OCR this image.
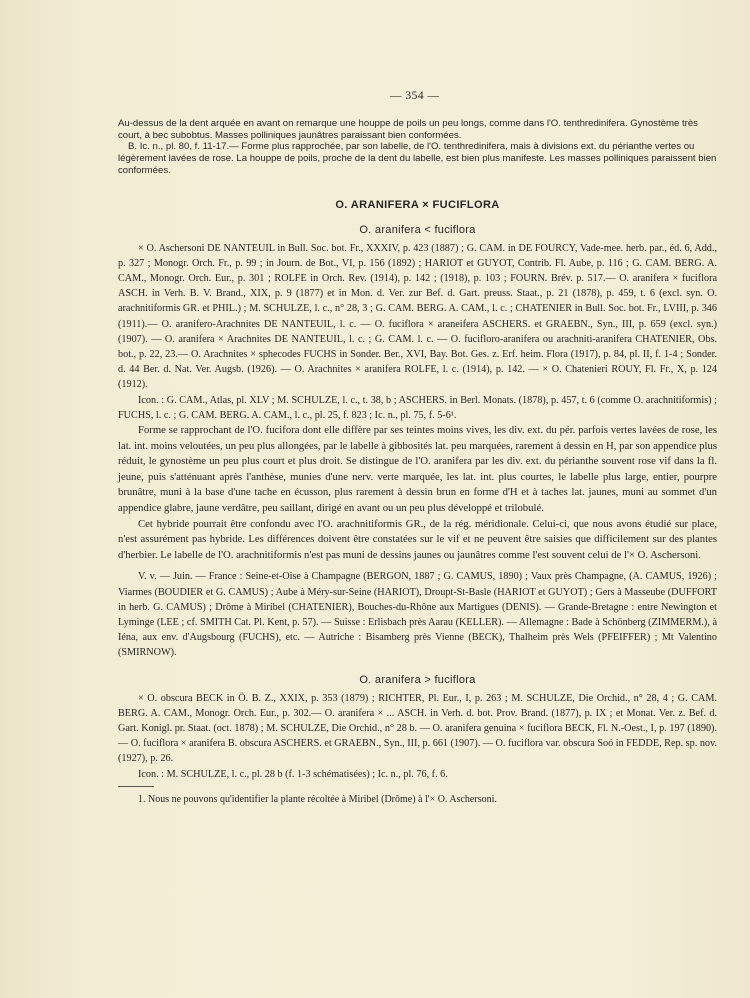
— 354 —

Au-dessus de la dent arquée en avant on remarque une houppe de poils un peu longs, comme dans l'O. tenthredinifera. Gynostème très court, à bec subobtus. Masses polliniques jaunâtres paraissant bien conformées.

B. Ic. n., pl. 80, f. 11-17.— Forme plus rapprochée, par son labelle, de l'O. tenthredinifera, mais à divisions ext. du périanthe vertes ou légèrement lavées de rose. La houppe de poils, proche de la dent du labelle, est bien plus manifeste. Les masses polliniques paraissent bien conformées.

O. ARANIFERA × FUCIFLORA
O. aranifera < fuciflora

× O. Aschersoni DE NANTEUIL in Bull. Soc. bot. Fr., XXXIV, p. 423 (1887) ; G. CAM. in DE FOURCY, Vade-mee. herb. par., éd. 6, Add., p. 327 ; Monogr. Orch. Fr., p. 99 ; in Journ. de Bot., VI, p. 156 (1892) ; HARIOT et GUYOT, Contrib. Fl. Aube, p. 116 ; G. CAM. BERG. A. CAM., Monogr. Orch. Eur., p. 301 ; ROLFE in Orch. Rev. (1914), p. 142 ; (1918), p. 103 ; FOURN. Brév. p. 517.— O. aranifera × fuciflora ASCH. in Verh. B. V. Brand., XIX, p. 9 (1877) et in Mon. d. Ver. zur Bef. d. Gart. preuss. Staat., p. 21 (1878), p. 459, t. 6 (excl. syn. O. arachnitiformis GR. et PHIL.) ; M. SCHULZE, l. c., n° 28, 3 ; G. CAM. BERG. A. CAM., l. c. ; CHATENIER in Bull. Soc. bot. Fr., LVIII, p. 346 (1911).— O. aranifero-Arachnites DE NANTEUIL, l. c. — O. fuciflora × araneifera ASCHERS. et GRAEBN., Syn., III, p. 659 (excl. syn.) (1907). — O. aranifera × Arachnites DE NANTEUIL, l. c. ; G. CAM. l. c. — O. fucifloro-aranifera ou arachniti-aranifera CHATENIER, Obs. bot., p. 22, 23.— O. Arachnites × sphecodes FUCHS in Sonder. Ber., XVI, Bay. Bot. Ges. z. Erf. heim. Flora (1917), p. 84, pl. II, f. 1-4 ; Sonder. d. 44 Ber. d. Nat. Ver. Augsb. (1926). — O. Arachnites × aranifera ROLFE, l. c. (1914), p. 142. — × O. Chatenieri ROUY, Fl. Fr., X, p. 124 (1912).

Icon. : G. CAM., Atlas, pl. XLV ; M. SCHULZE, l. c., t. 38, b ; ASCHERS. in Berl. Monats. (1878), p. 457, t. 6 (comme O. arachnitiformis) ; FUCHS, l. c. ; G. CAM. BERG. A. CAM., l. c., pl. 25, f. 823 ; Ic. n., pl. 75, f. 5-6¹.

Forme se rapprochant de l'O. fucifora dont elle diffère par ses teintes moins vives, les div. ext. du pér. parfois vertes lavées de rose, les lat. int. moins veloutées, un peu plus allongées, par le labelle à gibbosités lat. peu marquées, rarement à dessin en H, par son appendice plus réduit, le gynostème un peu plus court et plus droit. Se distingue de l'O. aranifera par les div. ext. du périanthe souvent rose vif dans la fl. jeune, puis s'atténuant après l'anthèse, munies d'une nerv. verte marquée, les lat. int. plus courtes, le labelle plus large, entier, pourpre brunâtre, muni à la base d'une tache en écusson, plus rarement à dessin brun en forme d'H et à taches lat. jaunes, muni au sommet d'un appendice glabre, jaune verdâtre, peu saillant, dirigé en avant ou un peu plus développé et trilobulé.

Cet hybride pourrait être confondu avec l'O. arachnitiformis GR., de la rég. méridionale. Celui-ci, que nous avons étudié sur place, n'est assurément pas hybride. Les différences doivent être constatées sur le vif et ne peuvent être saisies que difficilement sur des plantes d'herbier. Le labelle de l'O. arachnitiformis n'est pas muni de dessins jaunes ou jaunâtres comme l'est souvent celui de l'× O. Aschersoni.

V. v. — Juin. — France : Seine-et-Oise à Champagne (BERGON, 1887 ; G. CAMUS, 1890) ; Vaux près Champagne, (A. CAMUS, 1926) ; Viarmes (BOUDIER et G. CAMUS) ; Aube à Méry-sur-Seine (HARIOT), Droupt-St-Basle (HARIOT et GUYOT) ; Gers à Masseube (DUFFORT in herb. G. CAMUS) ; Drôme à Miribel (CHATENIER), Bouches-du-Rhône aux Martigues (DENIS). — Grande-Bretagne : entre Newington et Lyminge (LEE ; cf. SMITH Cat. Pl. Kent, p. 57). — Suisse : Erlisbach près Aarau (KELLER). — Allemagne : Bade à Schönberg (ZIMMERM.), à Iéna, aux env. d'Augsbourg (FUCHS), etc. — Autriche : Bisamberg près Vienne (BECK), Thalheim près Wels (PFEIFFER) ; Mt Valentino (SMIRNOW).

O. aranifera > fuciflora

× O. obscura BECK in Ö. B. Z., XXIX, p. 353 (1879) ; RICHTER, Pl. Eur., I, p. 263 ; M. SCHULZE, Die Orchid., n° 28, 4 ; G. CAM. BERG. A. CAM., Monogr. Orch. Eur., p. 302.— O. aranifera × ... ASCH. in Verh. d. bot. Prov. Brand. (1877), p. IX ; et Monat. Ver. z. Bef. d. Gart. Konigl. pr. Staat. (oct. 1878) ; M. SCHULZE, Die Orchid., n° 28 b. — O. aranifera genuina × fuciflora BECK, Fl. N.-Oest., I, p. 197 (1890). — O. fuciflora × aranifera B. obscura ASCHERS. et GRAEBN., Syn., III, p. 661 (1907). — O. fuciflora var. obscura Soó in FEDDE, Rep. sp. nov. (1927), p. 26.

Icon. : M. SCHULZE, l. c., pl. 28 b (f. 1-3 schématisées) ; Ic. n., pl. 76, f. 6.

1. Nous ne pouvons qu'identifier la plante récoltée à Miribel (Drôme) à l'× O. Aschersoni.
